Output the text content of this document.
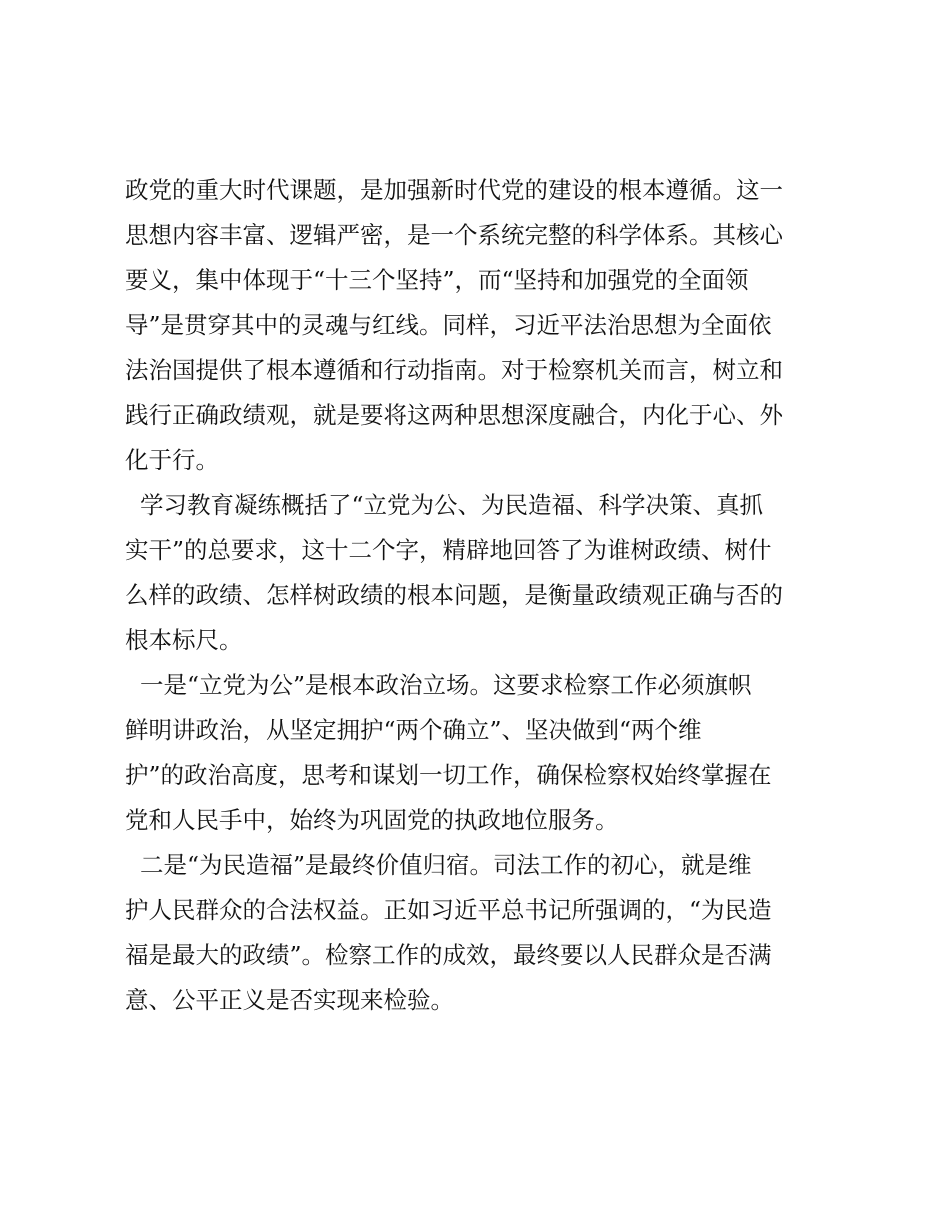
政党的重大时代课题，是加强新时代党的建设的根本遵循。这一
思想内容丰富、逻辑严密，是一个系统完整的科学体系。其核心
要义，集中体现于“十三个坚持”，而“坚持和加强党的全面领
导”是贯穿其中的灵魂与红线。同样，习近平法治思想为全面依
法治国提供了根本遵循和行动指南。对于检察机关而言，树立和
践行正确政绩观，就是要将这两种思想深度融合，内化于心、外
化于行。
学习教育凝练概括了“立党为公、为民造福、科学决策、真抓
实干”的总要求，这十二个字，精辟地回答了为谁树政绩、树什
么样的政绩、怎样树政绩的根本问题，是衡量政绩观正确与否的
根本标尺。
一是“立党为公”是根本政治立场。这要求检察工作必须旗帜
鲜明讲政治，从坚定拥护“两个确立”、坚决做到“两个维
护”的政治高度，思考和谋划一切工作，确保检察权始终掌握在
党和人民手中，始终为巩固党的执政地位服务。
二是“为民造福”是最终价值归宿。司法工作的初心，就是维
护人民群众的合法权益。正如习近平总书记所强调的，“为民造
福是最大的政绩”。检察工作的成效，最终要以人民群众是否满
意、公平正义是否实现来检验。
